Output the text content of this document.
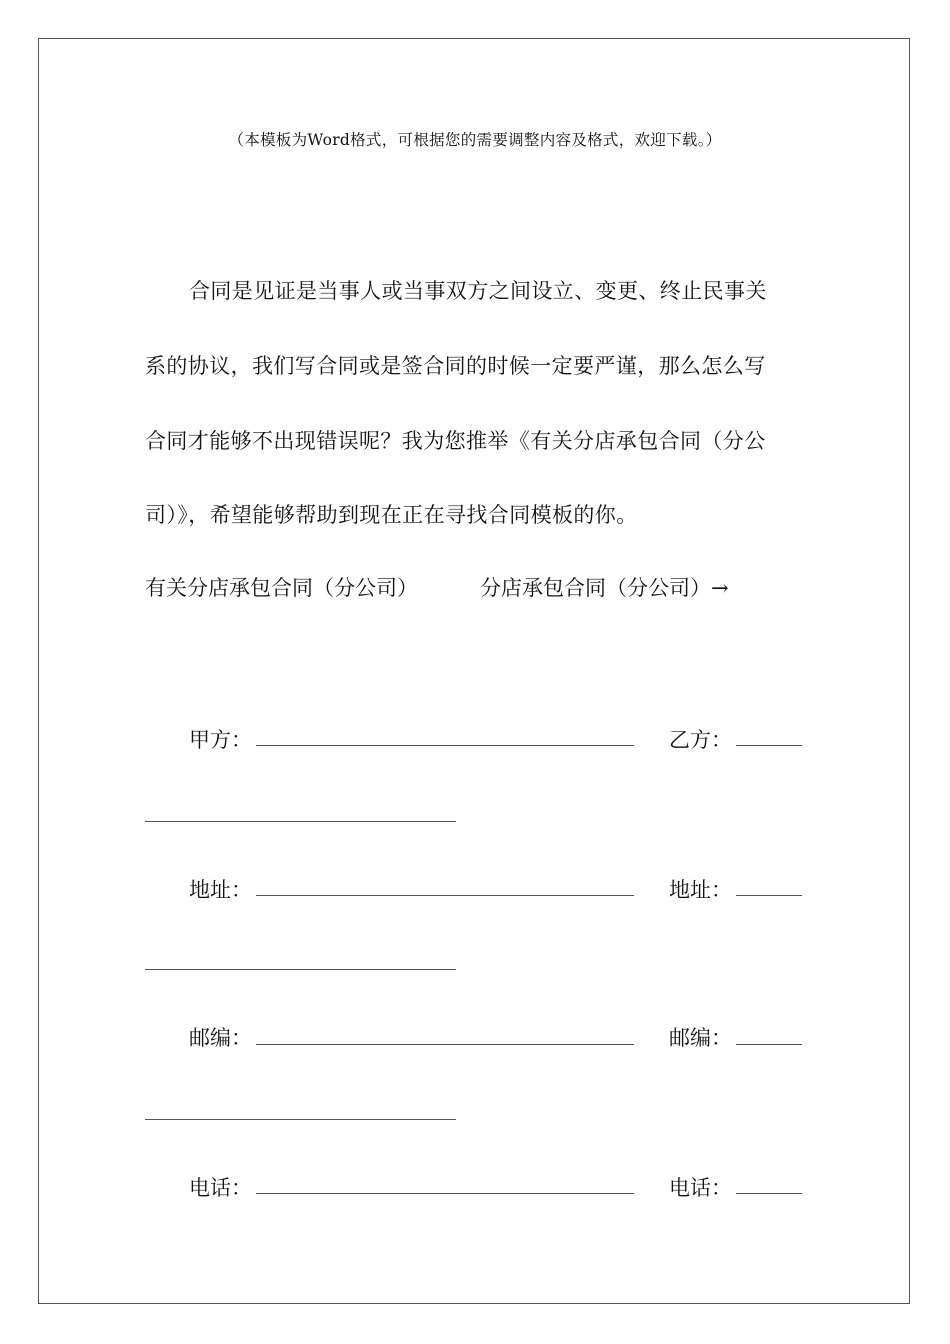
（本模板为Word格式，可根据您的需要调整内容及格式，欢迎下载。）
合同是见证是当事人或当事双方之间设立、变更、终止民事关
系的协议，我们写合同或是签合同的时候一定要严谨，那么怎么写
合同才能够不出现错误呢？我为您推举《有关分店承包合同（分公
司）》，希望能够帮助到现在正在寻找合同模板的你。
有关分店承包合同（分公司）	分店承包合同（分公司）→
甲方：	乙方：
地址：	地址：
邮编：	邮编：
电话：	电话：
